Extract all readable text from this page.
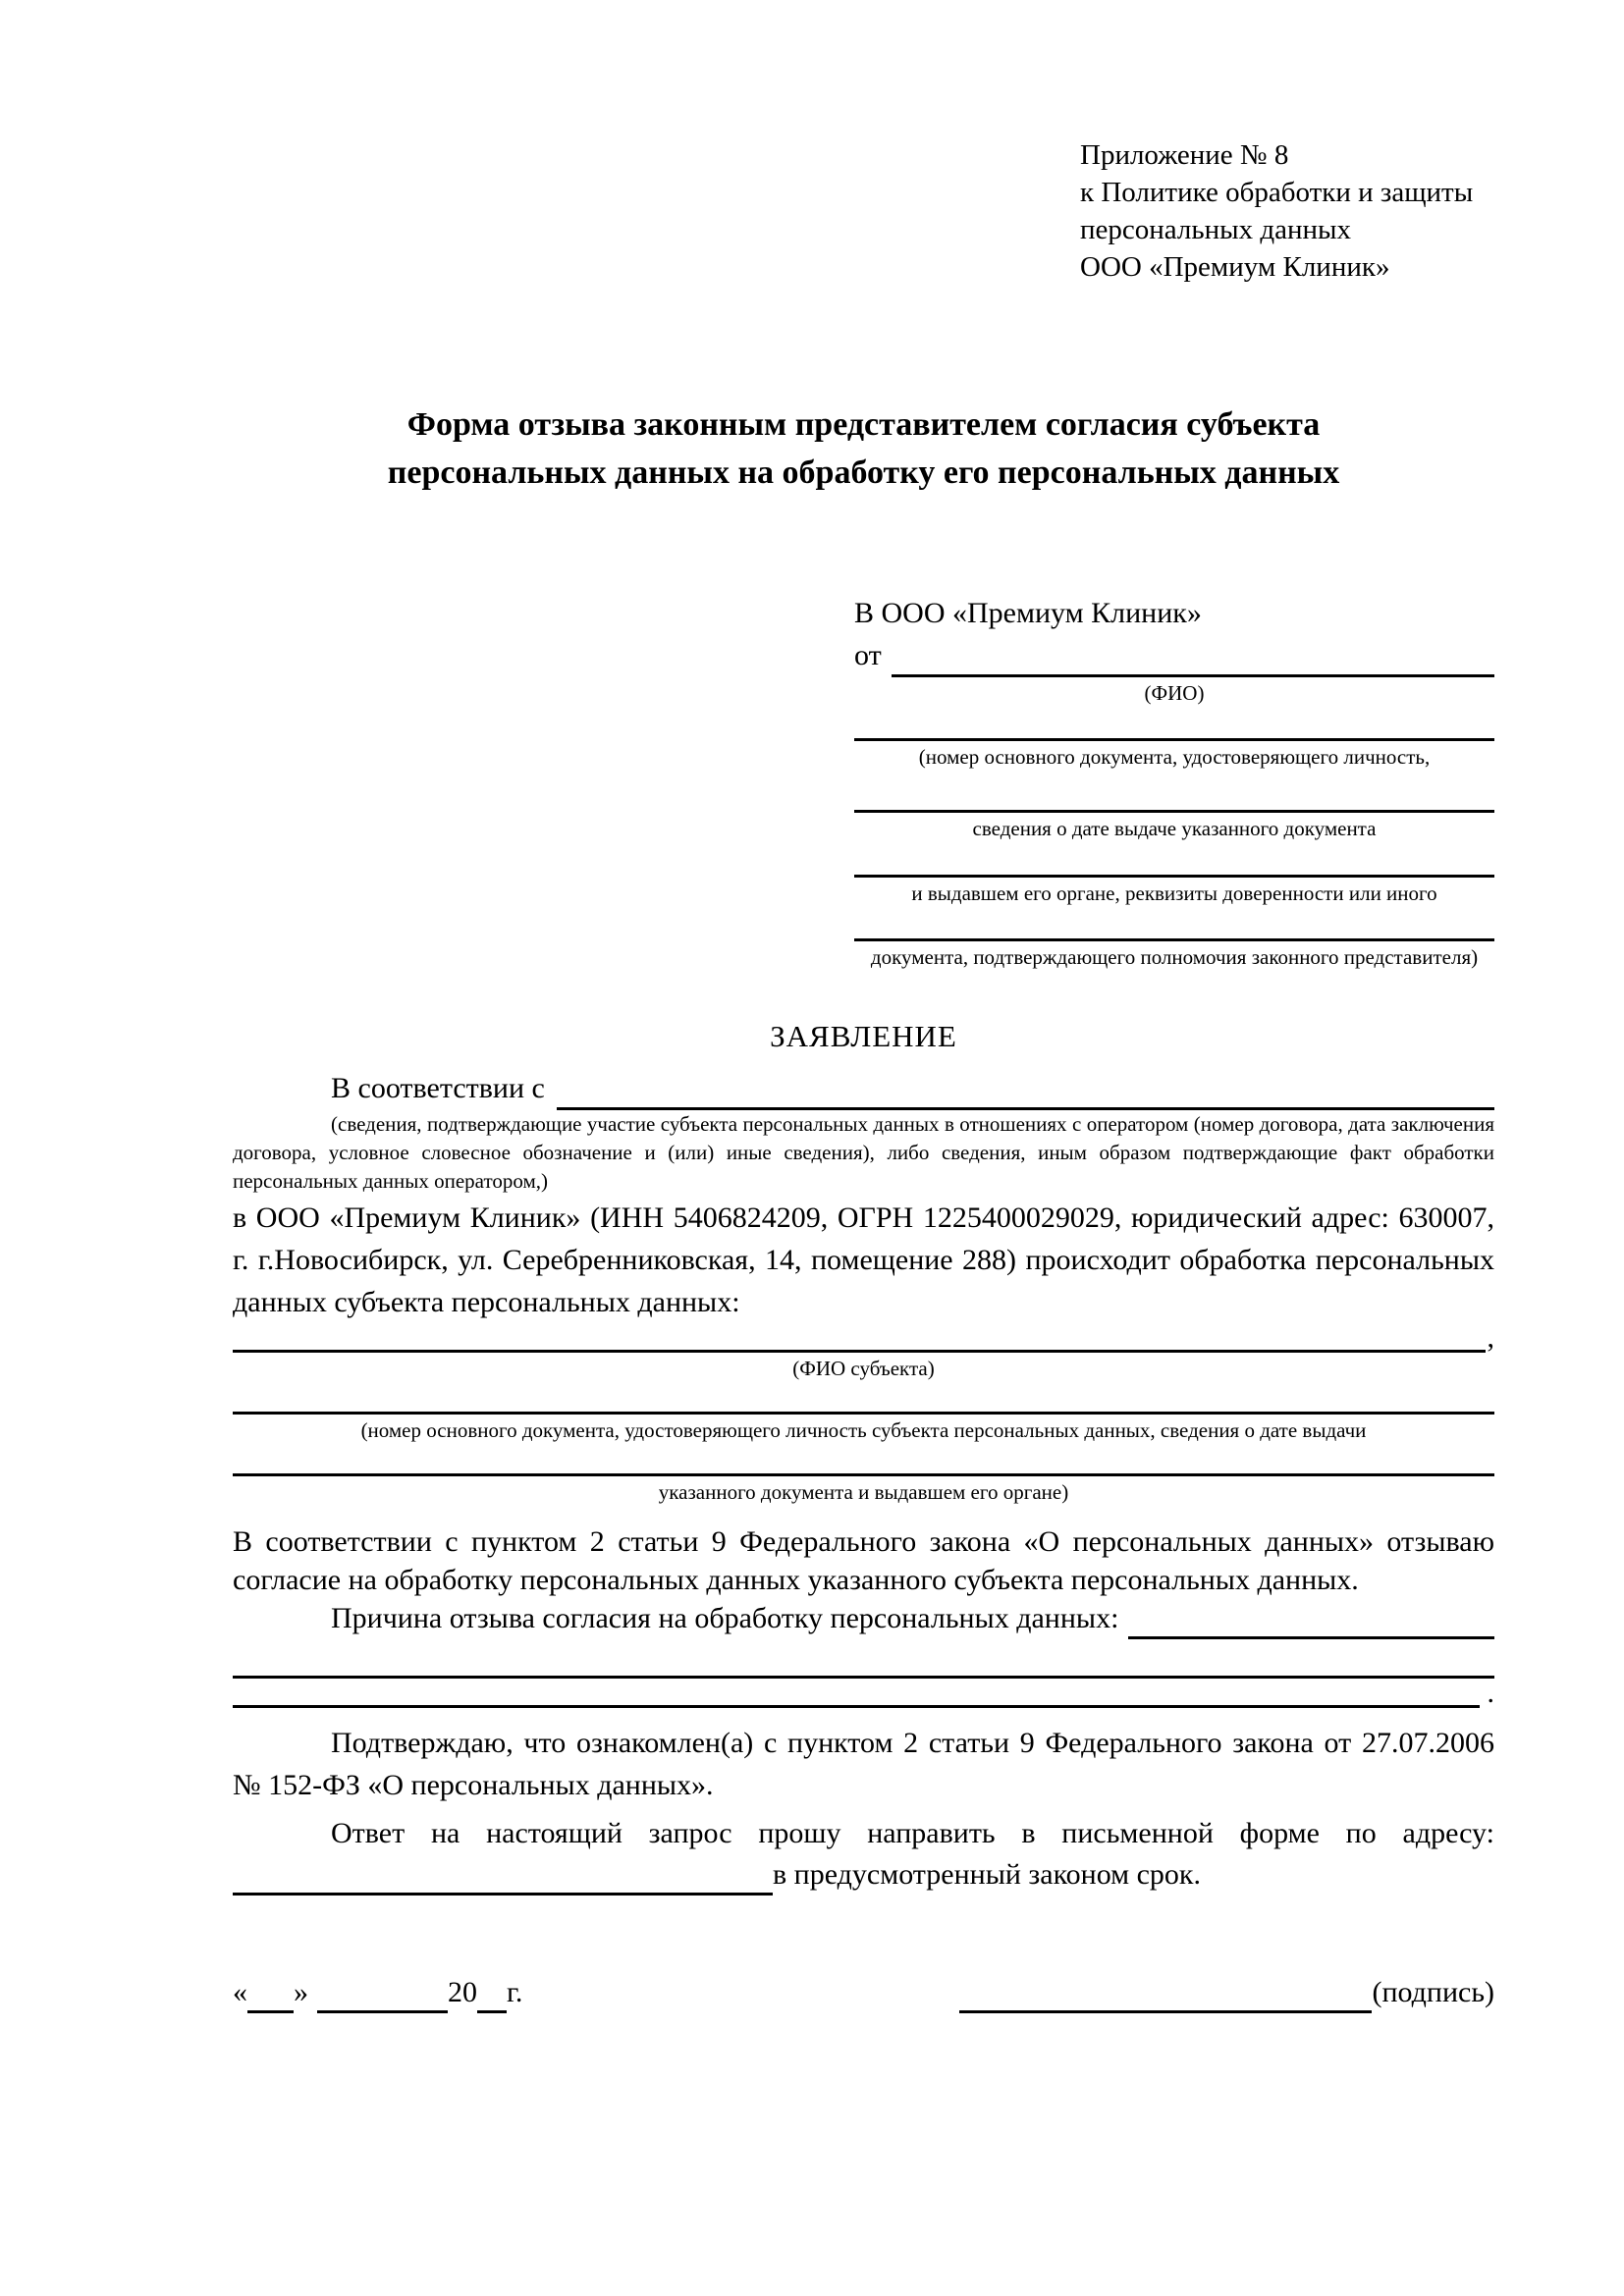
Приложение № 8
к Политике обработки и защиты
персональных данных
ООО «Премиум Клиник»
Форма отзыва законным представителем согласия субъекта
персональных данных на обработку его персональных данных
В ООО «Премиум Клиник»
от
(ФИО)
(номер основного документа, удостоверяющего личность,
сведения о дате выдаче указанного документа
и выдавшем его органе, реквизиты доверенности или иного
документа, подтверждающего полномочия законного представителя)
ЗАЯВЛЕНИЕ
В соответствии с
(сведения, подтверждающие участие субъекта персональных данных в отношениях с оператором (номер договора, дата заключения договора, условное словесное обозначение и (или) иные сведения), либо сведения, иным образом подтверждающие факт обработки персональных данных оператором,)

в ООО «Премиум Клиник» (ИНН 5406824209, ОГРН 1225400029029, юридический адрес: 630007, г. г.Новосибирск, ул. Серебренниковская, 14, помещение 288) происходит обработка персональных данных субъекта персональных данных:

,
(ФИО субъекта)
(номер основного документа, удостоверяющего личность субъекта персональных данных, сведения о дате выдачи
указанного документа и выдавшем его органе)

В соответствии с пунктом 2 статьи 9 Федерального закона «О персональных данных» отзываю согласие на обработку персональных данных указанного субъекта персональных данных.

Причина отзыва согласия на обработку персональных данных:
.

Подтверждаю, что ознакомлен(а) с пунктом 2 статьи 9 Федерального закона от 27.07.2006 № 152-ФЗ «О персональных данных».

Ответ на настоящий запрос прошу направить в письменной форме по адресу:

в предусмотренный законом срок.
« »	20 г.	(подпись)
